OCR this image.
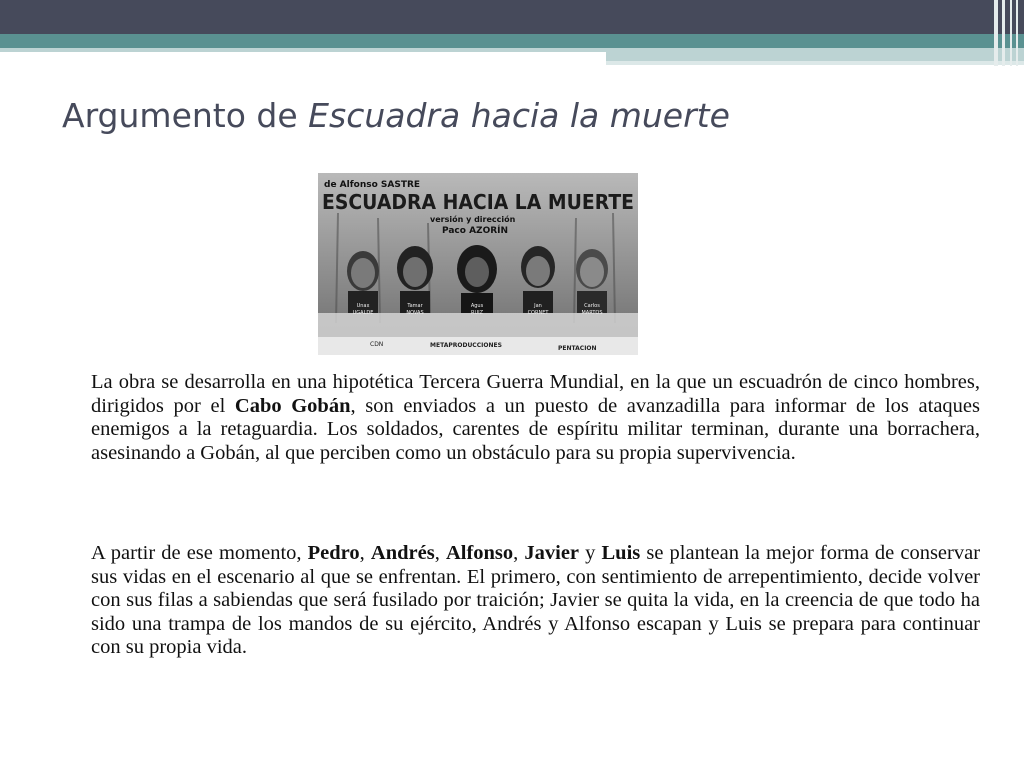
Argumento de Escuadra hacia la muerte
de Alfonso SASTRE
ESCUADRA HACIA LA MUERTE
versión y dirección
Paco AZORÍN
Unax
UGALDE
Tamar
NOVAS
Agus
RUIZ
Jan
CORNET
Carlos
MARTOS
CDN	METAPRODUCCIONES	PENTACION

La obra se desarrolla en una hipotética Tercera Guerra Mundial, en la que un escuadrón de cinco hombres, dirigidos por el Cabo Gobán, son enviados a un puesto de avanzadilla para informar de los ataques enemigos a la retaguardia. Los soldados, carentes de espíritu militar terminan, durante una borrachera, asesinando a Gobán, al que perciben como un obstáculo para su propia supervivencia.

A partir de ese momento, Pedro, Andrés, Alfonso, Javier y Luis se plantean la mejor forma de conservar sus vidas en el escenario al que se enfrentan. El primero, con sentimiento de arrepentimiento, decide volver con sus filas a sabiendas que será fusilado por traición; Javier se quita la vida, en la creencia de que todo ha sido una trampa de los mandos de su ejército, Andrés y Alfonso escapan y Luis se prepara para continuar con su propia vida.
